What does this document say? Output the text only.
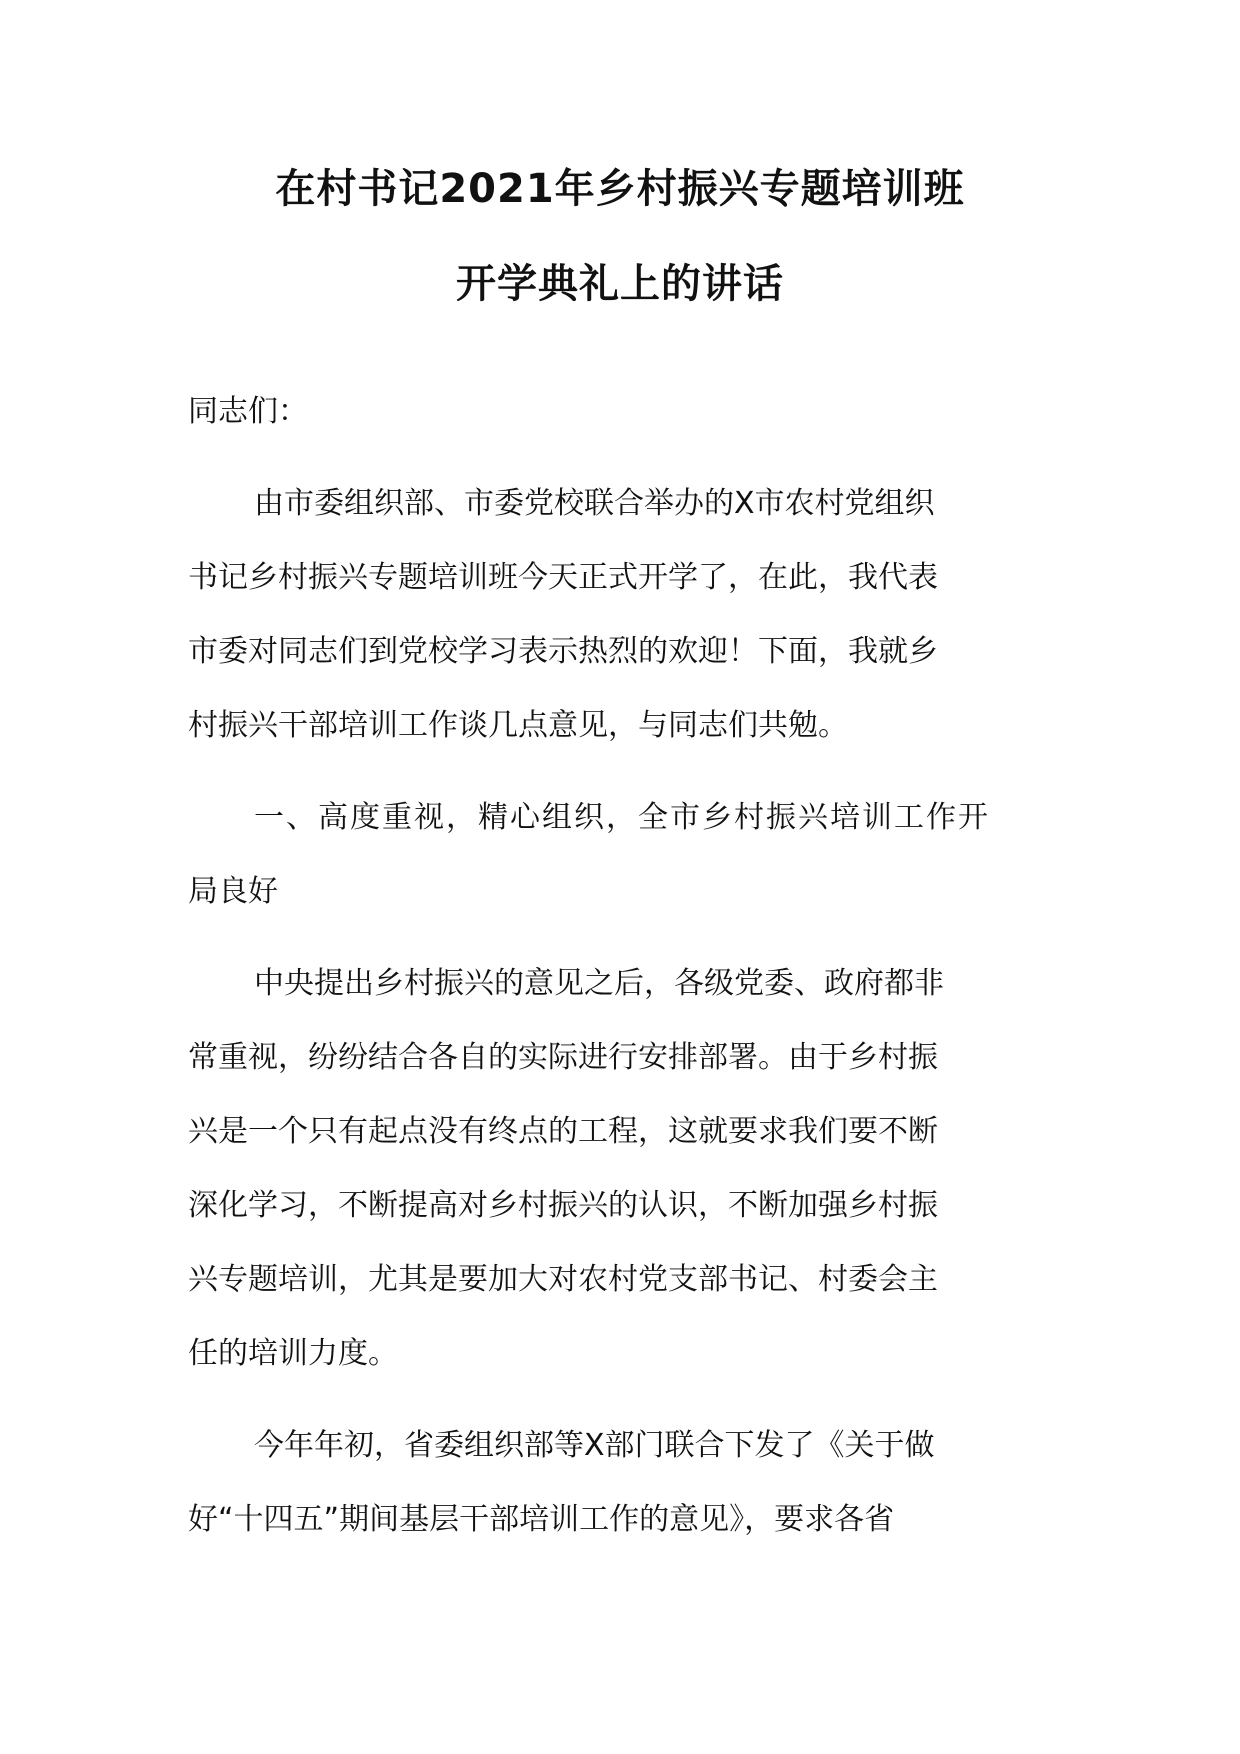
在村书记2021年乡村振兴专题培训班
开学典礼上的讲话
同志们：
由市委组织部、市委党校联合举办的X市农村党组织
书记乡村振兴专题培训班今天正式开学了，在此，我代表
市委对同志们到党校学习表示热烈的欢迎！下面，我就乡
村振兴干部培训工作谈几点意见，与同志们共勉。
一、高度重视，精心组织，全市乡村振兴培训工作开
局良好
中央提出乡村振兴的意见之后，各级党委、政府都非
常重视，纷纷结合各自的实际进行安排部署。由于乡村振
兴是一个只有起点没有终点的工程，这就要求我们要不断
深化学习，不断提高对乡村振兴的认识，不断加强乡村振
兴专题培训，尤其是要加大对农村党支部书记、村委会主
任的培训力度。
今年年初，省委组织部等X部门联合下发了《关于做
好“十四五”期间基层干部培训工作的意见》，要求各省
